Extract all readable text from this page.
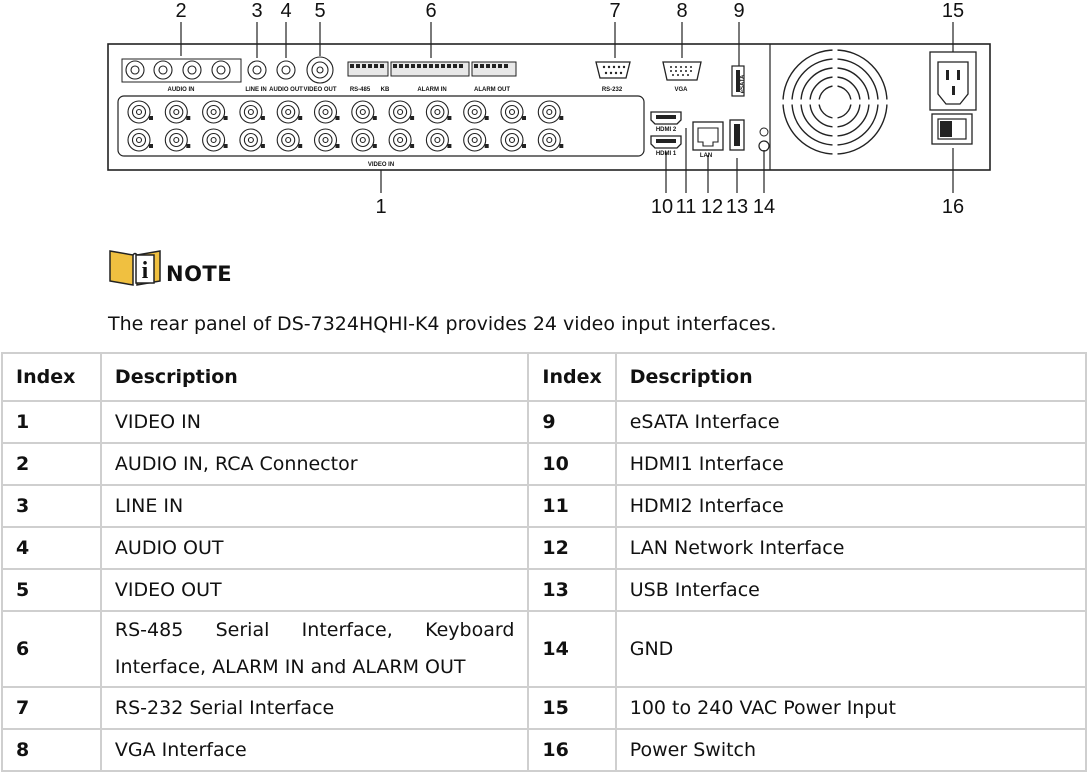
2	3 4 5	6	7	8 9	15
1	10 11 12 13 14	16
AUDIO IN	LINE IN AUDIO OUT VIDEO OUT RS-485 KB	ALARM IN	ALARM OUT	RS-232	VGA
HDMI 2
HDMI 1	LAN
VIDEO IN
eSATA
i NOTE
The rear panel of DS-7324HQHI-K4 provides 24 video input interfaces.
Index	Description	Index	Description
1	VIDEO IN	9	eSATA Interface
2	AUDIO IN, RCA Connector	10	HDMI1 Interface
3	LINE IN	11	HDMI2 Interface
4	AUDIO OUT	12	LAN Network Interface
5	VIDEO OUT	13	USB Interface
6	RS-485 Serial Interface, Keyboard Interface, ALARM IN and ALARM OUT	14	GND
7	RS-232 Serial Interface	15	100 to 240 VAC Power Input
8	VGA Interface	16	Power Switch
